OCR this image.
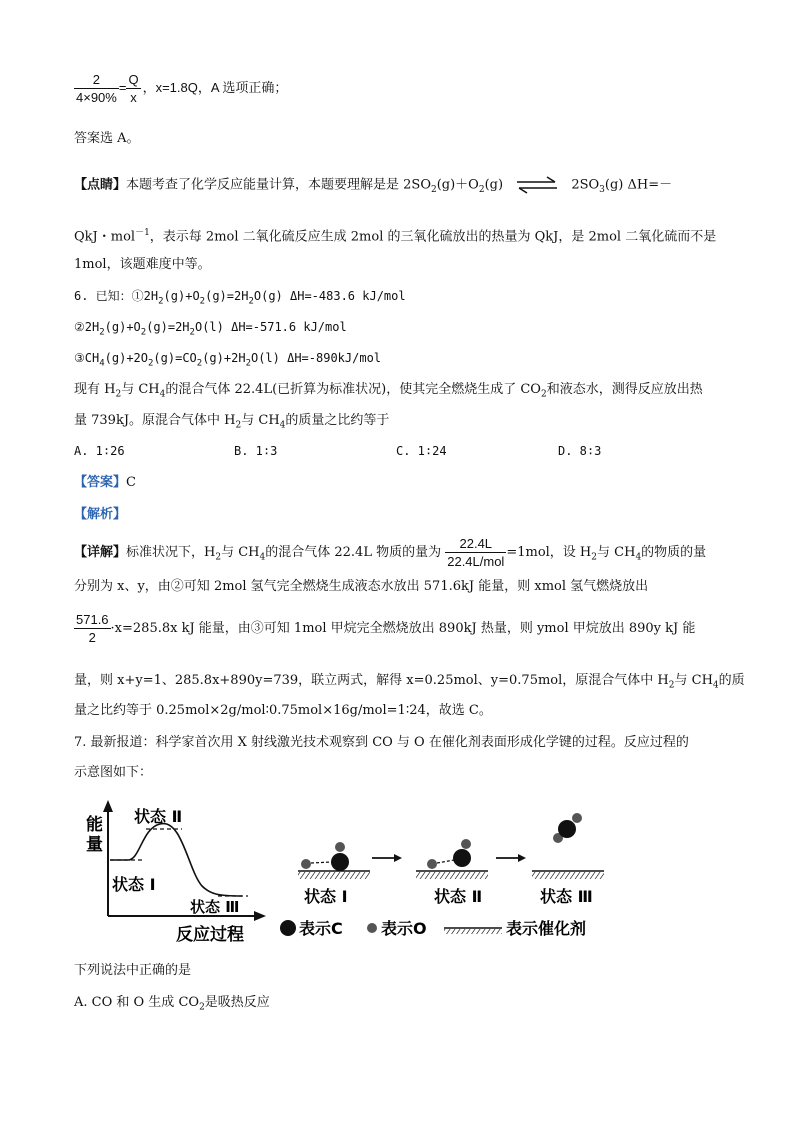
$\frac{2}{4\times 90\%} = \frac{Q}{x}$ ，x=1.8Q，A 选项正确；
答案选 A。
【点睛】本题考查了化学反应能量计算，本题要理解是是 $2SO_2(g)+O_2(g)$ ⇌ $2SO_3(g)$ ΔH=－
QkJ・mol$^{-1}$，表示每 2mol 二氧化硫反应生成 2mol 的三氧化硫放出的热量为 QkJ，是 2mol 二氧化硫而不是
1mol，该题难度中等。
6. 已知：$①2H_2(g)+O_2(g)=2H_2O(g)$ ΔH=-483.6 kJ/mol
$②2H_2(g)+O_2(g)=2H_2O(l)$ ΔH=-571.6 kJ/mol
$③CH_4(g)+2O_2(g)=CO_2(g)+2H_2O(l)$ ΔH=-890kJ/mol
现有 $H_2$与 $CH_4$的混合气体 22.4L(已折算为标准状况)，使其完全燃烧生成了 $CO_2$和液态水，测得反应放出热
量 739kJ。原混合气体中 $H_2$与 $CH_4$的质量之比约等于
A. 1∶26	B. 1∶3	C. 1∶24	D. 8∶3
【答案】C
【解析】
【详解】标准状况下，$H_2$与 $CH_4$的混合气体 22.4L 物质的量为 $\frac{22.4L}{\text{22.4L/mol}} =1mol$，设 $H_2$与 $CH_4$的物质的量
分别为 x、y，由②可知 2mol 氢气完全燃烧生成液态水放出 571.6kJ 能量，则 xmol 氢气燃烧放出
$\frac{571.6}{2} \cdot x=285.8x$ kJ 能量，由③可知 1mol 甲烷完全燃烧放出 890kJ 热量，则 ymol 甲烷放出 890y kJ 能
量，则 x+y=1、285.8x+890y=739，联立两式，解得 x=0.25mol、y=0.75mol，原混合气体中 $H_2$与 $CH_4$的质
量之比约等于 0.25mol×2g/mol∶0.75mol×16g/mol=1∶24，故选 C。
7. 最新报道：科学家首次用 X 射线激光技术观察到 CO 与 O 在催化剂表面形成化学键的过程。反应过程的
示意图如下：
能
量
反应过程
状态 Ⅱ
状态 Ⅰ
状态 Ⅲ
状态 Ⅰ	状态 Ⅱ	状态 Ⅲ
表示C 表示O	表示催化剂
下列说法中正确的是
A. CO 和 O 生成 $CO_2$是吸热反应
